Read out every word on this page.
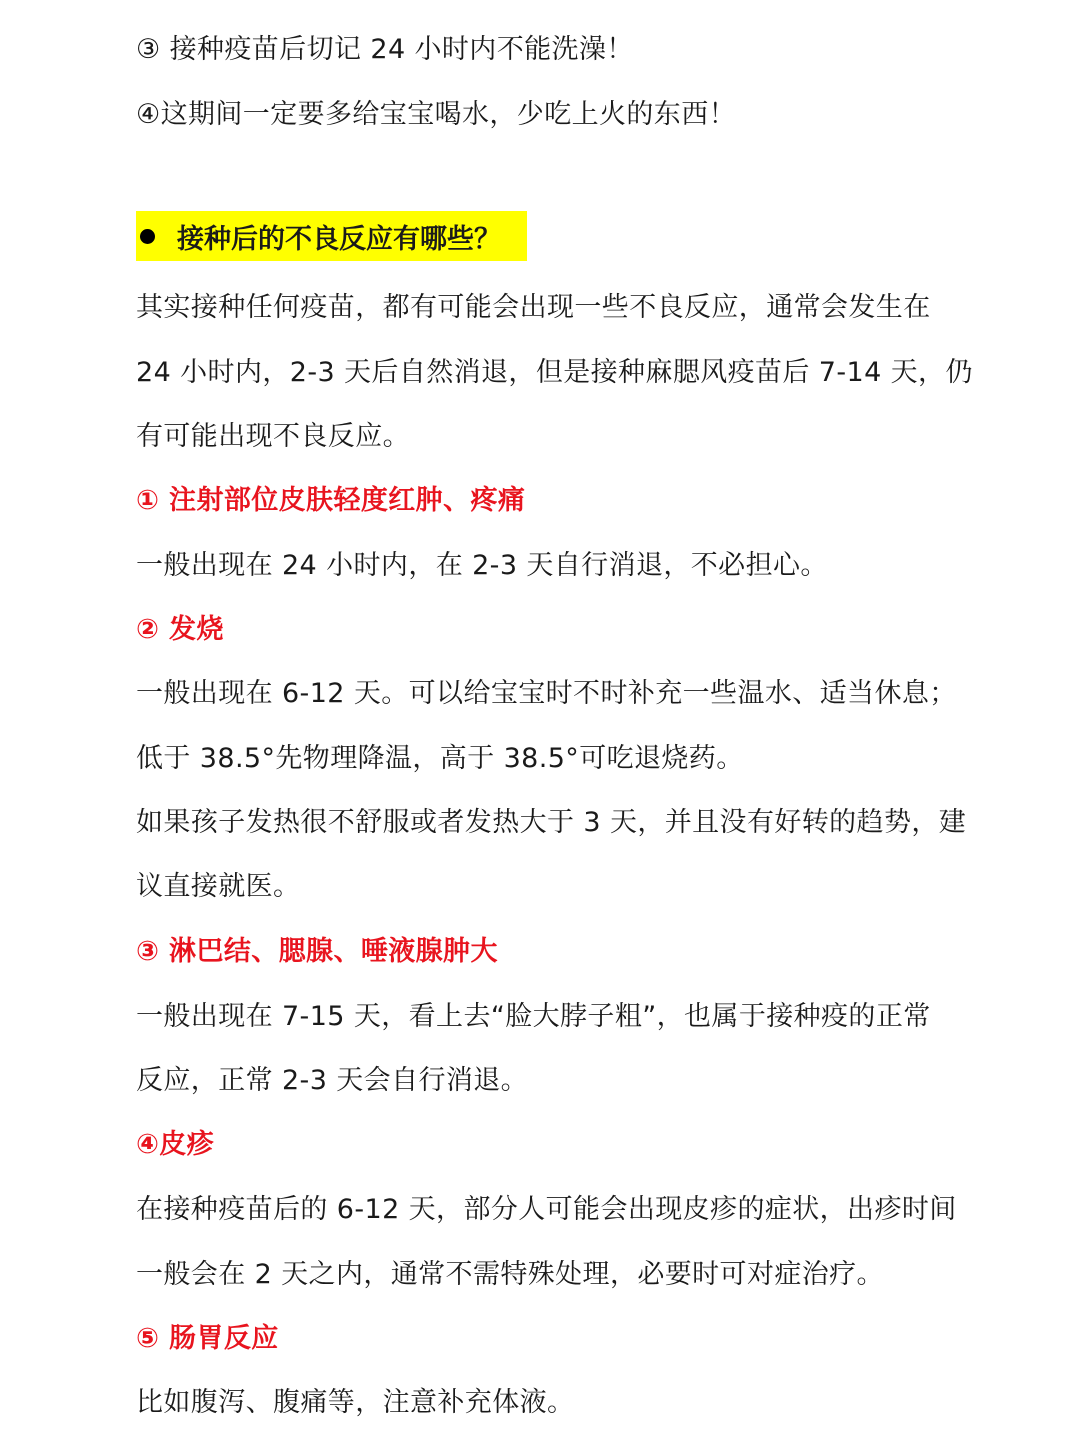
③ 接种疫苗后切记 24 小时内不能洗澡！
④这期间一定要多给宝宝喝水，少吃上火的东西！
接种后的不良反应有哪些？
其实接种任何疫苗，都有可能会出现一些不良反应，通常会发生在
24 小时内，2-3 天后自然消退，但是接种麻腮风疫苗后 7-14 天，仍
有可能出现不良反应。
① 注射部位皮肤轻度红肿、疼痛
一般出现在 24 小时内，在 2-3 天自行消退，不必担心。
② 发烧
一般出现在 6-12 天。可以给宝宝时不时补充一些温水、适当休息；
低于 38.5°先物理降温，高于 38.5°可吃退烧药。
如果孩子发热很不舒服或者发热大于 3 天，并且没有好转的趋势，建
议直接就医。
③ 淋巴结、腮腺、唾液腺肿大
一般出现在 7-15 天，看上去“脸大脖子粗”，也属于接种疫的正常
反应，正常 2-3 天会自行消退。
④皮疹
在接种疫苗后的 6-12 天，部分人可能会出现皮疹的症状，出疹时间
一般会在 2 天之内，通常不需特殊处理，必要时可对症治疗。
⑤ 肠胃反应
比如腹泻、腹痛等，注意补充体液。
